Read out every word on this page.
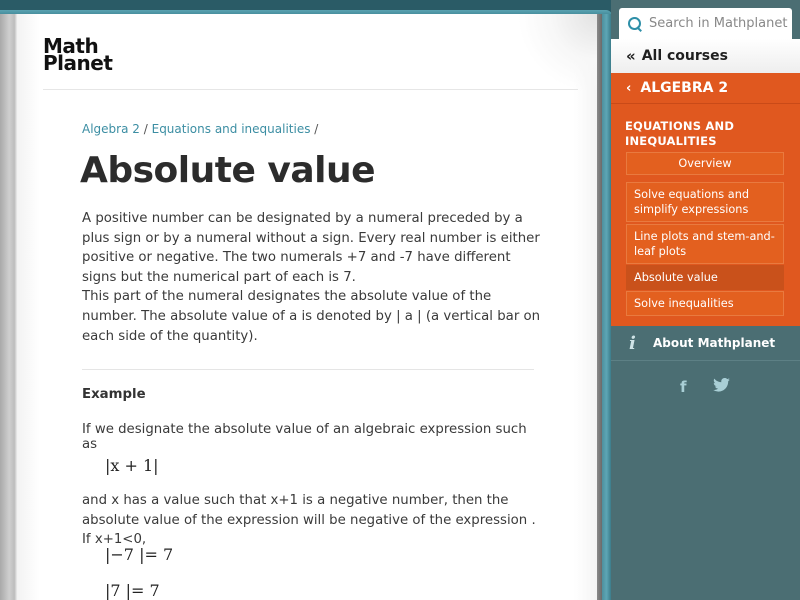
Math
Planet
Algebra 2 / Equations and inequalities /
Absolute value

A positive number can be designated by a numeral preceded by a plus sign or by a numeral without a sign. Every real number is either positive or negative. The two numerals +7 and -7 have different signs but the numerical part of each is 7.

This part of the numeral designates the absolute value of the number. The absolute value of a is denoted by | a | (a vertical bar on each side of the quantity).

Example
If we designate the absolute value of an algebraic expression such as
|x + 1|
and x has a value such that x+1 is a negative number, then the absolute value of the expression will be negative of the expression . If x+1<0,
|−7 |= 7
|7 |= 7
Search in Mathplanet
« All courses
‹ ALGEBRA 2
EQUATIONS AND INEQUALITIES
Overview
Solve equations and simplify expressions
Line plots and stem-and-leaf plots
Absolute value
Solve inequalities
i About Mathplanet
f
